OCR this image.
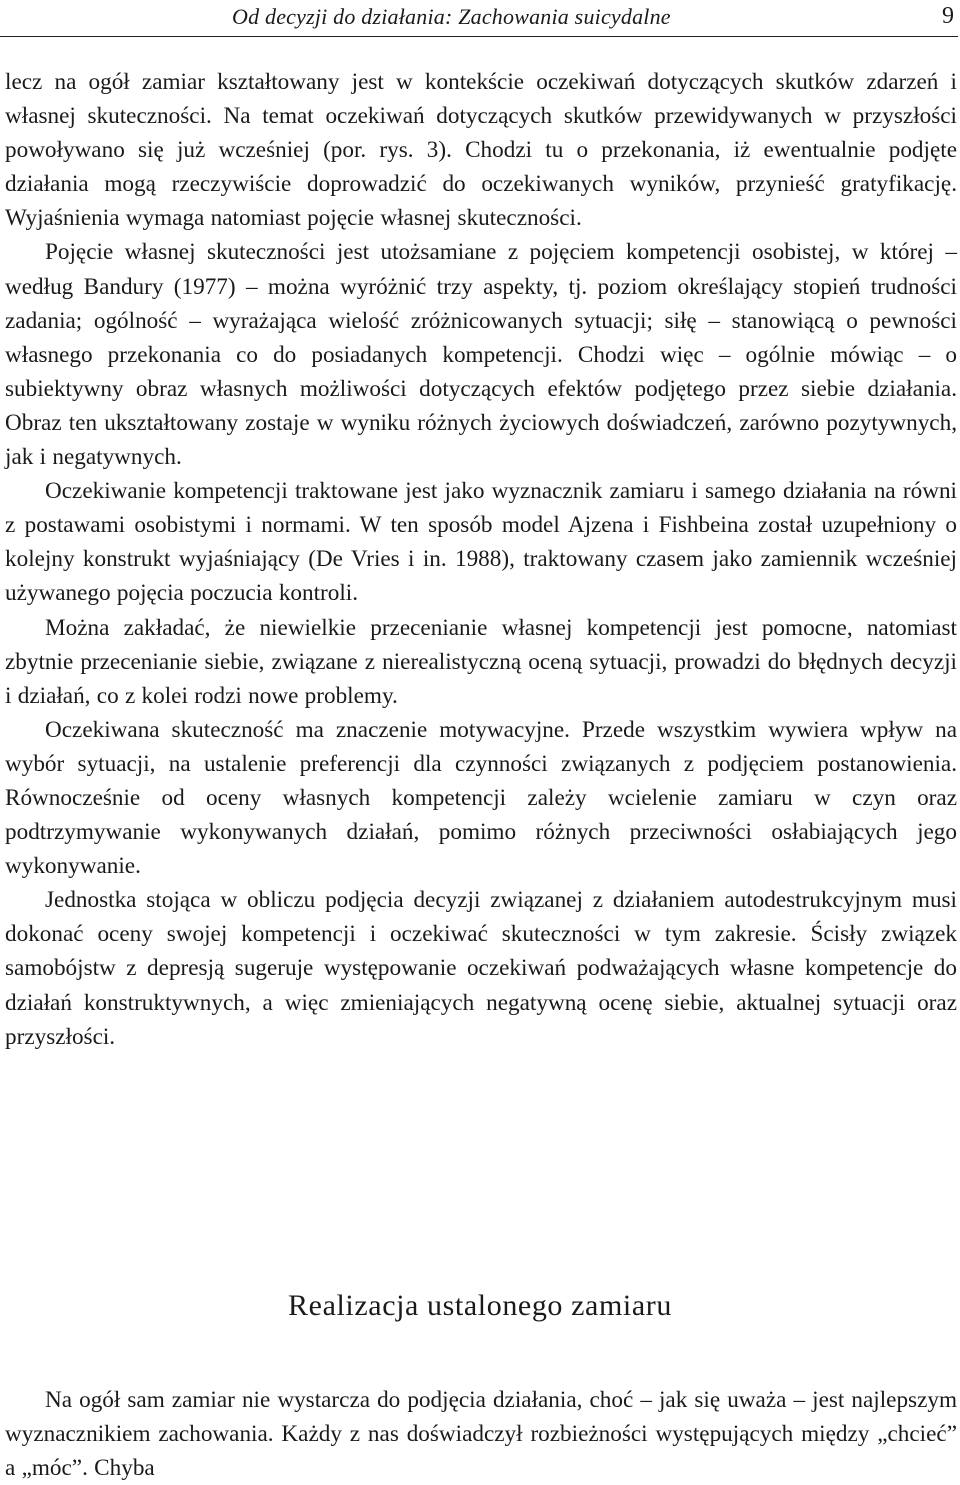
Od decyzji do działania: Zachowania suicydalne	9

lecz na ogół zamiar kształtowany jest w kontekście oczekiwań dotyczących skutków zdarzeń i własnej skuteczności. Na temat oczekiwań dotyczących skutków przewidywanych w przyszłości powoływano się już wcześniej (por. rys. 3). Chodzi tu o przekonania, iż ewentualnie podjęte działania mogą rzeczywiście doprowadzić do oczekiwanych wyników, przynieść gratyfikację. Wyjaśnienia wymaga natomiast pojęcie własnej skuteczności.

Pojęcie własnej skuteczności jest utożsamiane z pojęciem kompetencji osobistej, w której – według Bandury (1977) – można wyróżnić trzy aspekty, tj. poziom określający stopień trudności zadania; ogólność – wyrażająca wielość zróżnicowanych sytuacji; siłę – stanowiącą o pewności własnego przekonania co do posiadanych kompetencji. Chodzi więc – ogólnie mówiąc – o subiektywny obraz własnych możliwości dotyczących efektów podjętego przez siebie działania. Obraz ten ukształtowany zostaje w wyniku różnych życiowych doświadczeń, zarówno pozytywnych, jak i negatywnych.

Oczekiwanie kompetencji traktowane jest jako wyznacznik zamiaru i samego działania na równi z postawami osobistymi i normami. W ten sposób model Ajzena i Fishbeina został uzupełniony o kolejny konstrukt wyjaśniający (De Vries i in. 1988), traktowany czasem jako zamiennik wcześniej używanego pojęcia poczucia kontroli.

Można zakładać, że niewielkie przecenianie własnej kompetencji jest pomocne, natomiast zbytnie przecenianie siebie, związane z nierealistyczną oceną sytuacji, prowadzi do błędnych decyzji i działań, co z kolei rodzi nowe problemy.

Oczekiwana skuteczność ma znaczenie motywacyjne. Przede wszystkim wywiera wpływ na wybór sytuacji, na ustalenie preferencji dla czynności związanych z podjęciem postanowienia. Równocześnie od oceny własnych kompetencji zależy wcielenie zamiaru w czyn oraz podtrzymywanie wykonywanych działań, pomimo różnych przeciwności osłabiających jego wykonywanie.

Jednostka stojąca w obliczu podjęcia decyzji związanej z działaniem autodestrukcyjnym musi dokonać oceny swojej kompetencji i oczekiwać skuteczności w tym zakresie. Ścisły związek samobójstw z depresją sugeruje występowanie oczekiwań podważających własne kompetencje do działań konstruktywnych, a więc zmieniających negatywną ocenę siebie, aktualnej sytuacji oraz przyszłości.

Realizacja ustalonego zamiaru

Na ogół sam zamiar nie wystarcza do podjęcia działania, choć – jak się uważa – jest najlepszym wyznacznikiem zachowania. Każdy z nas doświadczył rozbieżności występujących między „chcieć” a „móc”. Chyba
